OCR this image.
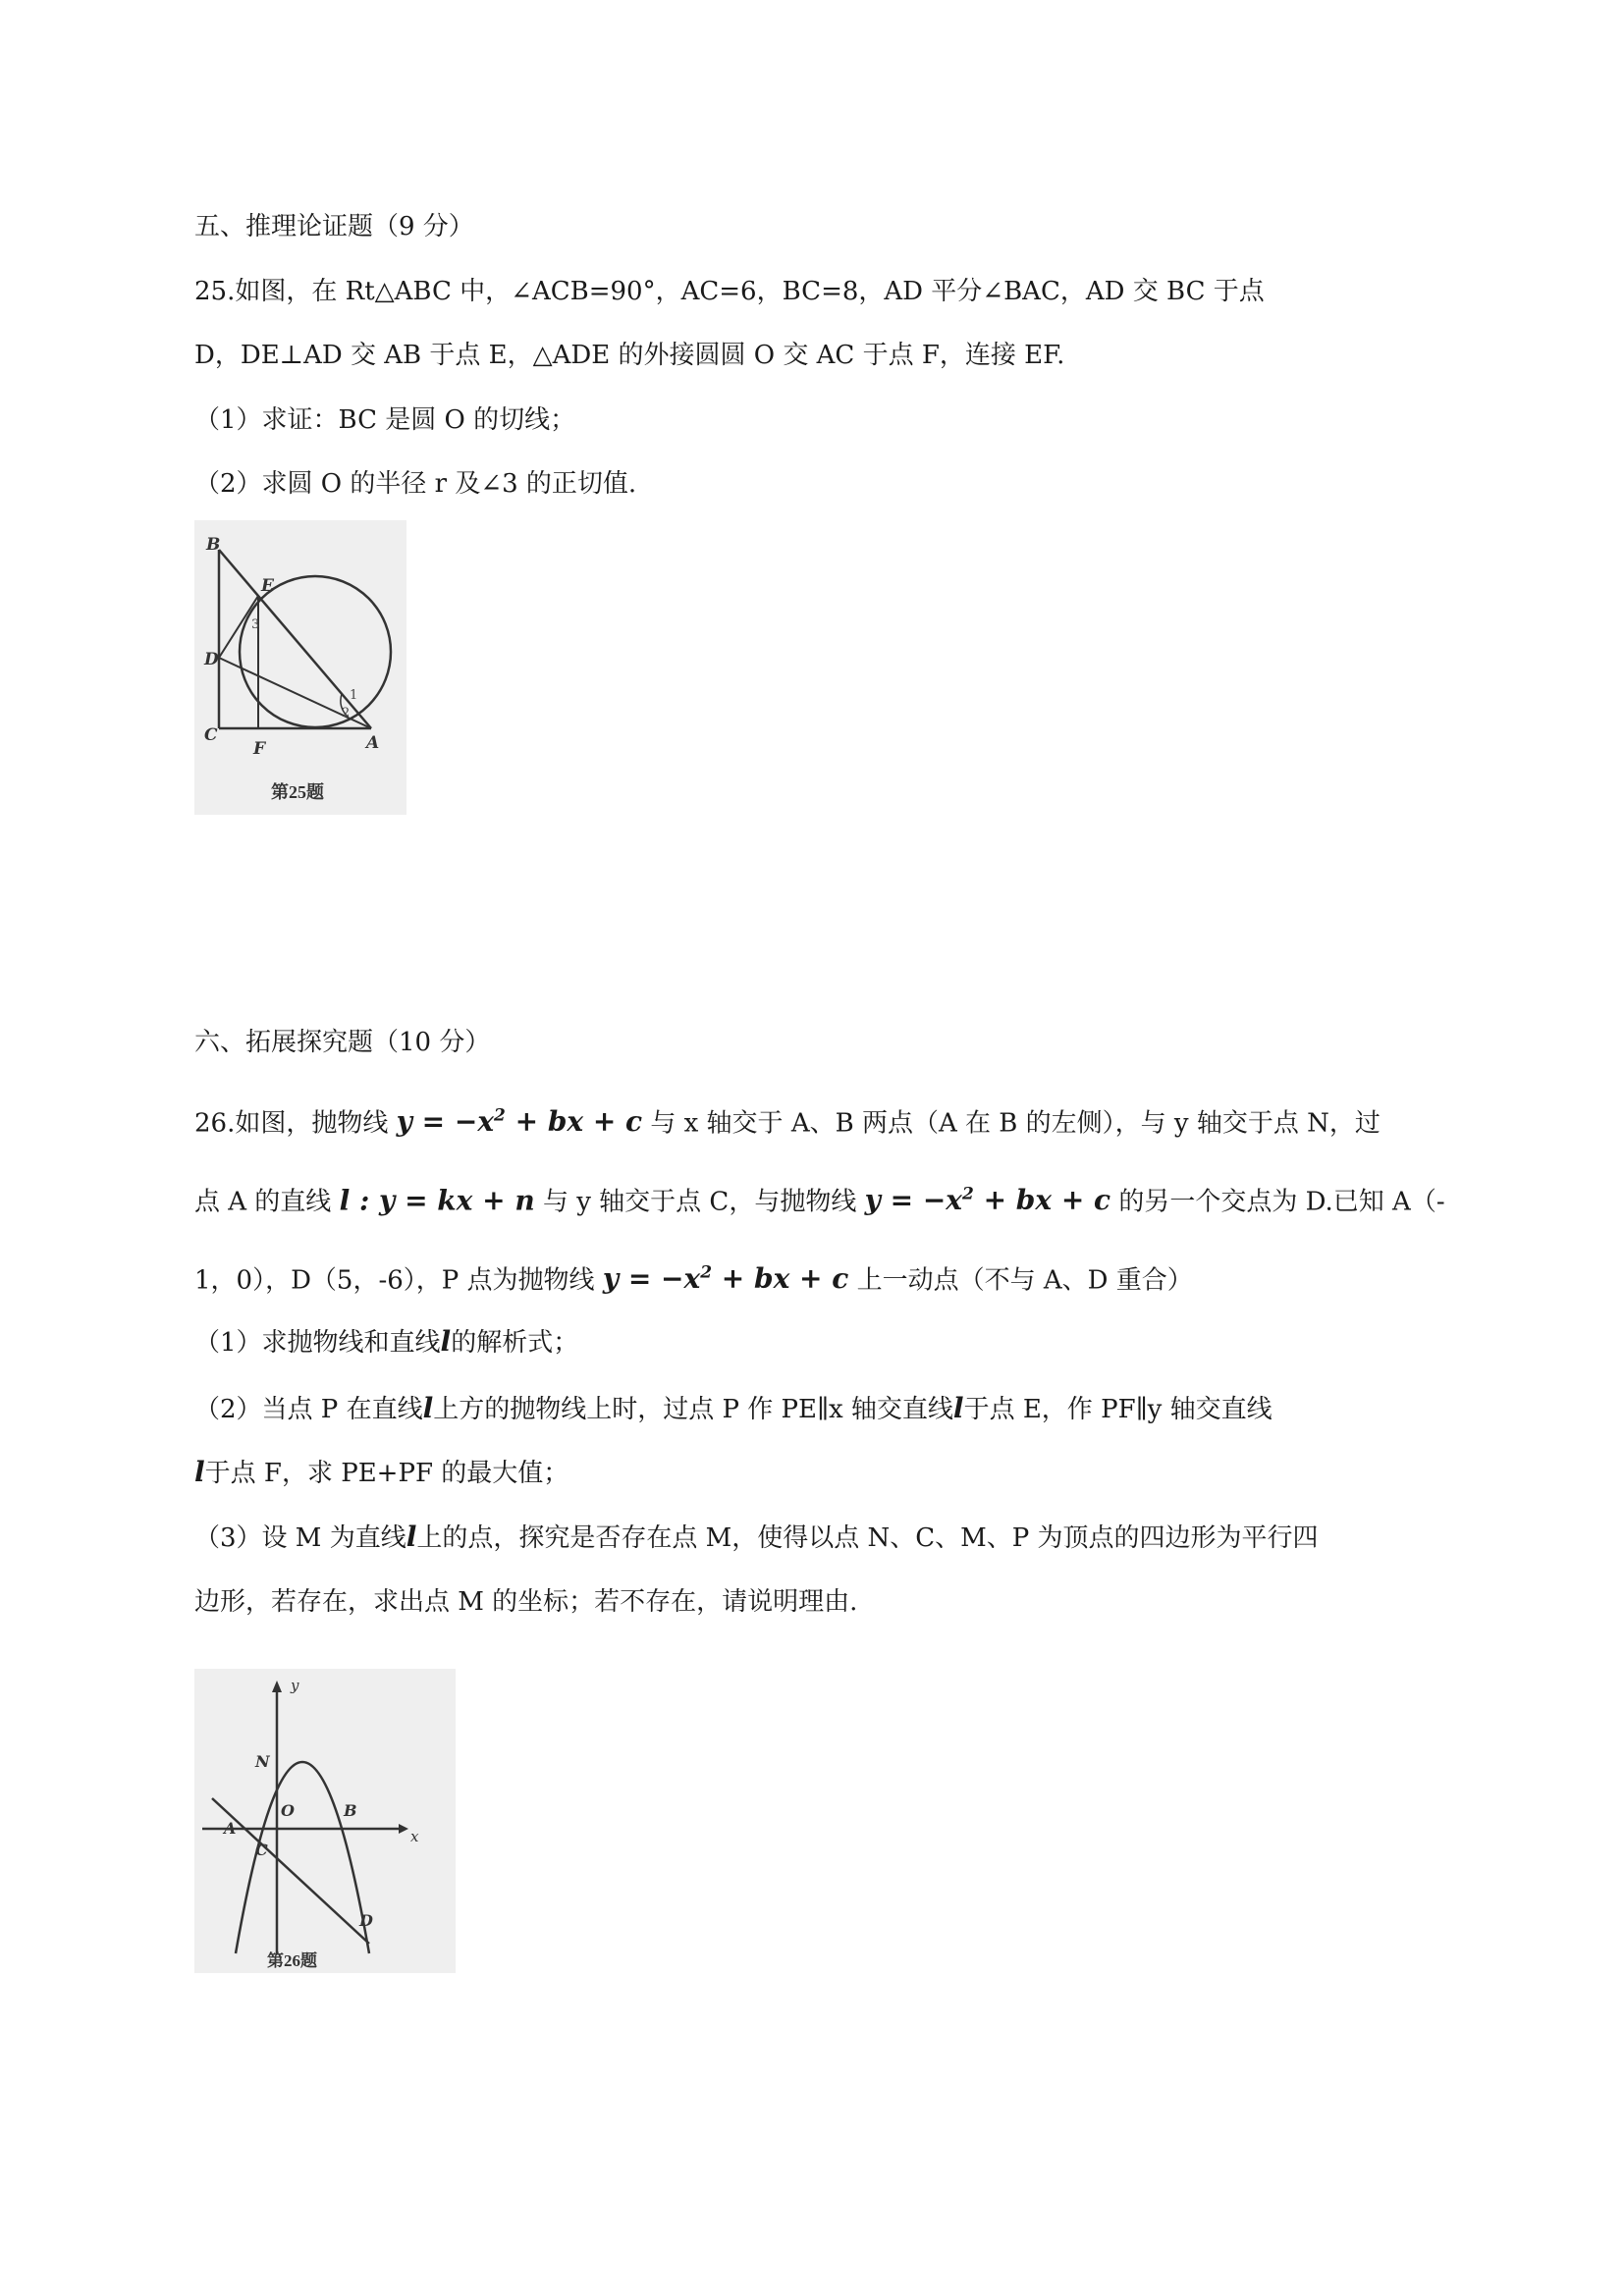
五、推理论证题（9 分）
25.如图，在 Rt△ABC 中，∠ACB=90°，AC=6，BC=8，AD 平分∠BAC，AD 交 BC 于点
D，DE⊥AD 交 AB 于点 E，△ADE 的外接圆圆 O 交 AC 于点 F，连接 EF.
（1）求证：BC 是圆 O 的切线；
（2）求圆 O 的半径 r 及∠3 的正切值.
B
E
D
C
F	A
3
1
2
第25题
六、拓展探究题（10 分）
26.如图，抛物线 $y = -x^2$ + bx + c 与 x 轴交于 A、B 两点（A 在 B 的左侧），与 y 轴交于点 N，过
点 A 的直线 l : y = kx + n 与 y 轴交于点 C，与抛物线 $y = -x^2$ + bx + c 的另一个交点为 D.已知 A（-
1，0），D（5，-6），P 点为抛物线 $y = -x^2$ + bx + c 上一动点（不与 A、D 重合）
（1）求抛物线和直线l的解析式；
（2）当点 P 在直线l上方的抛物线上时，过点 P 作 PE∥x 轴交直线l于点 E，作 PF∥y 轴交直线
l于点 F，求 PE+PF 的最大值；
（3）设 M 为直线l上的点，探究是否存在点 M，使得以点 N、C、M、P 为顶点的四边形为平行四
边形，若存在，求出点 M 的坐标；若不存在，请说明理由.
y
x
N
O	B
A
C
D
第26题
